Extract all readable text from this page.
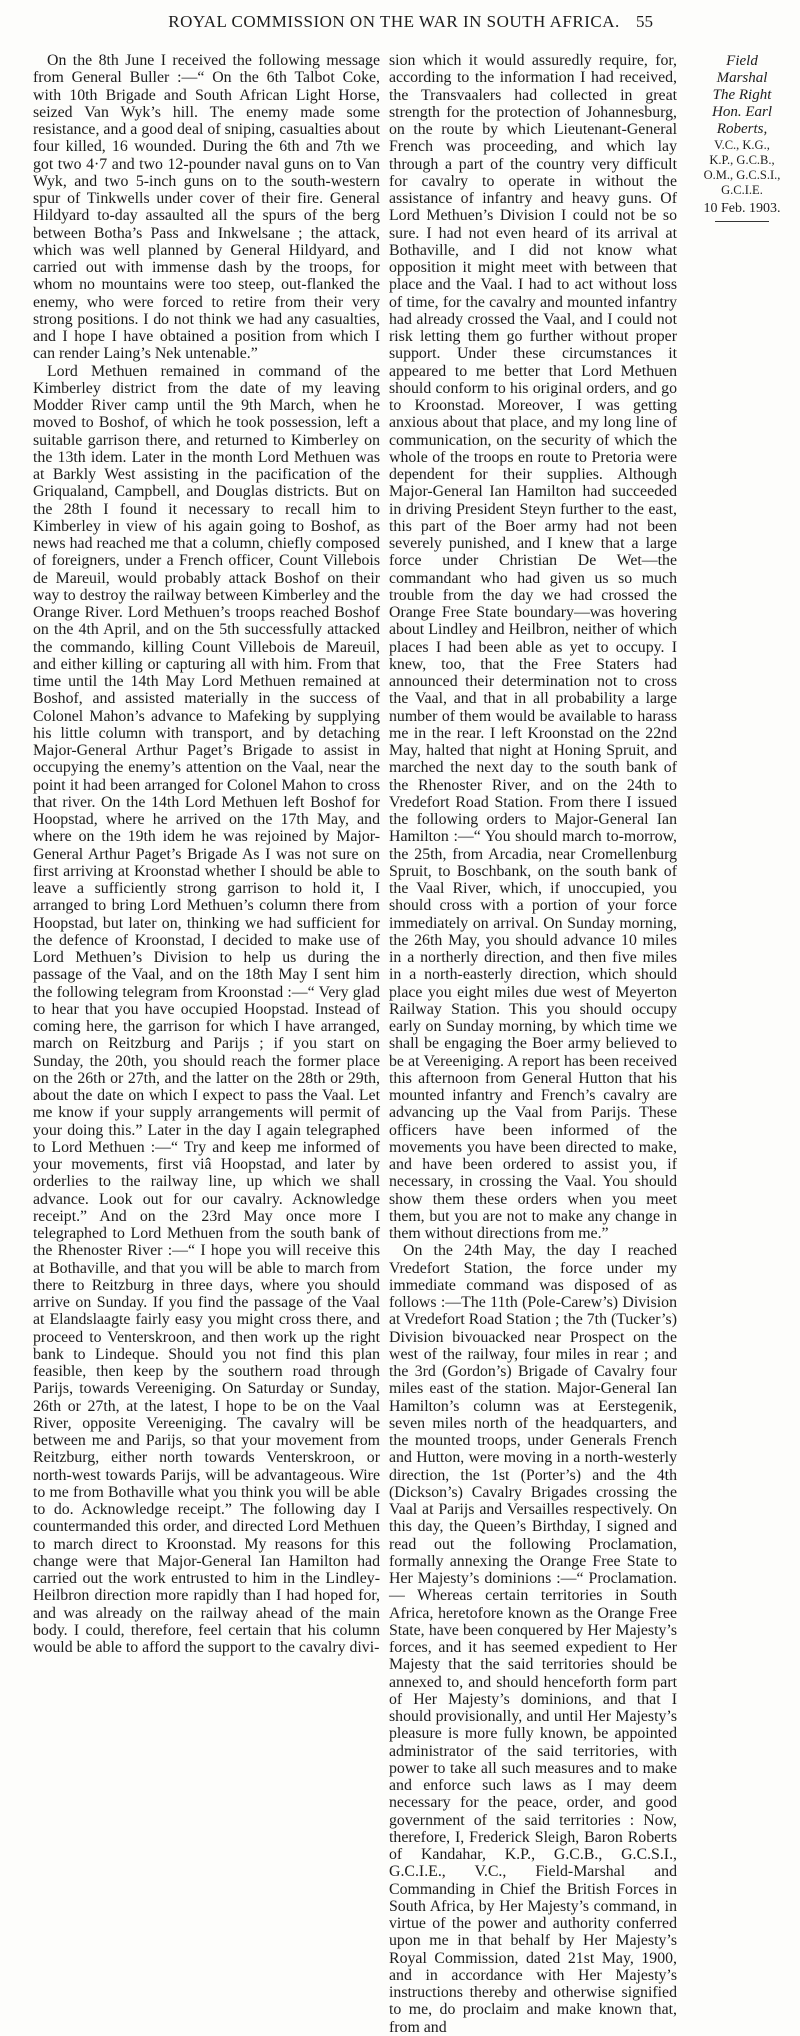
ROYAL COMMISSION ON THE WAR IN SOUTH AFRICA. 55

On the 8th June I received the following message from General Buller :—“ On the 6th Talbot Coke, with 10th Brigade and South African Light Horse, seized Van Wyk’s hill. The enemy made some resistance, and a good deal of sniping, casualties about four killed, 16 wounded. During the 6th and 7th we got two 4·7 and two 12-pounder naval guns on to Van Wyk, and two 5-inch guns on to the south-western spur of Tinkwells under cover of their fire. General Hildyard to-day assaulted all the spurs of the berg between Botha’s Pass and Inkwelsane ; the attack, which was well planned by General Hildyard, and carried out with immense dash by the troops, for whom no mountains were too steep, out-flanked the enemy, who were forced to retire from their very strong positions. I do not think we had any casualties, and I hope I have obtained a position from which I can render Laing’s Nek untenable.”

Lord Methuen remained in command of the Kimberley district from the date of my leaving Modder River camp until the 9th March, when he moved to Boshof, of which he took possession, left a suitable garrison there, and returned to Kimberley on the 13th idem. Later in the month Lord Methuen was at Barkly West assisting in the pacification of the Griqualand, Campbell, and Douglas districts. But on the 28th I found it necessary to recall him to Kimberley in view of his again going to Boshof, as news had reached me that a column, chiefly composed of foreigners, under a French officer, Count Villebois de Mareuil, would probably attack Boshof on their way to destroy the railway between Kimberley and the Orange River. Lord Methuen’s troops reached Boshof on the 4th April, and on the 5th successfully attacked the commando, killing Count Villebois de Mareuil, and either killing or capturing all with him. From that time until the 14th May Lord Methuen remained at Boshof, and assisted materially in the success of Colonel Mahon’s advance to Mafeking by supplying his little column with transport, and by detaching Major-General Arthur Paget’s Brigade to assist in occupying the enemy’s attention on the Vaal, near the point it had been arranged for Colonel Mahon to cross that river. On the 14th Lord Methuen left Boshof for Hoopstad, where he arrived on the 17th May, and where on the 19th idem he was rejoined by Major-General Arthur Paget’s Brigade As I was not sure on first arriving at Kroonstad whether I should be able to leave a sufficiently strong garrison to hold it, I arranged to bring Lord Methuen’s column there from Hoopstad, but later on, thinking we had sufficient for the defence of Kroonstad, I decided to make use of Lord Methuen’s Division to help us during the passage of the Vaal, and on the 18th May I sent him the following telegram from Kroonstad :—“ Very glad to hear that you have occupied Hoopstad. Instead of coming here, the garrison for which I have arranged, march on Reitzburg and Parijs ; if you start on Sunday, the 20th, you should reach the former place on the 26th or 27th, and the latter on the 28th or 29th, about the date on which I expect to pass the Vaal. Let me know if your supply arrangements will permit of your doing this.” Later in the day I again telegraphed to Lord Methuen :—“ Try and keep me informed of your movements, first viâ Hoopstad, and later by orderlies to the railway line, up which we shall advance. Look out for our cavalry. Acknowledge receipt.” And on the 23rd May once more I telegraphed to Lord Methuen from the south bank of the Rhenoster River :—“ I hope you will receive this at Bothaville, and that you will be able to march from there to Reitzburg in three days, where you should arrive on Sunday. If you find the passage of the Vaal at Elandslaagte fairly easy you might cross there, and proceed to Venterskroon, and then work up the right bank to Lindeque. Should you not find this plan feasible, then keep by the southern road through Parijs, towards Vereeniging. On Saturday or Sunday, 26th or 27th, at the latest, I hope to be on the Vaal River, opposite Vereeniging. The cavalry will be between me and Parijs, so that your movement from Reitzburg, either north towards Venterskroon, or north-west towards Parijs, will be advantageous. Wire to me from Bothaville what you think you will be able to do. Acknowledge receipt.” The following day I countermanded this order, and directed Lord Methuen to march direct to Kroonstad. My reasons for this change were that Major-General Ian Hamilton had carried out the work entrusted to him in the Lindley-Heilbron direction more rapidly than I had hoped for, and was already on the railway ahead of the main body. I could, therefore, feel certain that his column would be able to afford the support to the cavalry divi-

sion which it would assuredly require, for, according to the information I had received, the Transvaalers had collected in great strength for the protection of Johannesburg, on the route by which Lieutenant-General French was proceeding, and which lay through a part of the country very difficult for cavalry to operate in without the assistance of infantry and heavy guns. Of Lord Methuen’s Division I could not be so sure. I had not even heard of its arrival at Bothaville, and I did not know what opposition it might meet with between that place and the Vaal. I had to act without loss of time, for the cavalry and mounted infantry had already crossed the Vaal, and I could not risk letting them go further without proper support. Under these circumstances it appeared to me better that Lord Methuen should conform to his original orders, and go to Kroonstad. Moreover, I was getting anxious about that place, and my long line of communication, on the security of which the whole of the troops en route to Pretoria were dependent for their supplies. Although Major-General Ian Hamilton had succeeded in driving President Steyn further to the east, this part of the Boer army had not been severely punished, and I knew that a large force under Christian De Wet—the commandant who had given us so much trouble from the day we had crossed the Orange Free State boundary—was hovering about Lindley and Heilbron, neither of which places I had been able as yet to occupy. I knew, too, that the Free Staters had announced their determination not to cross the Vaal, and that in all probability a large number of them would be available to harass me in the rear. I left Kroonstad on the 22nd May, halted that night at Honing Spruit, and marched the next day to the south bank of the Rhenoster River, and on the 24th to Vredefort Road Station. From there I issued the following orders to Major-General Ian Hamilton :—“ You should march to-morrow, the 25th, from Arcadia, near Cromellenburg Spruit, to Boschbank, on the south bank of the Vaal River, which, if unoccupied, you should cross with a portion of your force immediately on arrival. On Sunday morning, the 26th May, you should advance 10 miles in a northerly direction, and then five miles in a north-easterly direction, which should place you eight miles due west of Meyerton Railway Station. This you should occupy early on Sunday morning, by which time we shall be engaging the Boer army believed to be at Vereeniging. A report has been received this afternoon from General Hutton that his mounted infantry and French’s cavalry are advancing up the Vaal from Parijs. These officers have been informed of the movements you have been directed to make, and have been ordered to assist you, if necessary, in crossing the Vaal. You should show them these orders when you meet them, but you are not to make any change in them without directions from me.”

On the 24th May, the day I reached Vredefort Station, the force under my immediate command was disposed of as follows :—The 11th (Pole-Carew’s) Division at Vredefort Road Station ; the 7th (Tucker’s) Division bivouacked near Prospect on the west of the railway, four miles in rear ; and the 3rd (Gordon’s) Brigade of Cavalry four miles east of the station. Major-General Ian Hamilton’s column was at Eerstegenik, seven miles north of the headquarters, and the mounted troops, under Generals French and Hutton, were moving in a north-westerly direction, the 1st (Porter’s) and the 4th (Dickson’s) Cavalry Brigades crossing the Vaal at Parijs and Versailles respectively. On this day, the Queen’s Birthday, I signed and read out the following Proclamation, formally annexing the Orange Free State to Her Majesty’s dominions :—“ Proclamation.— Whereas certain territories in South Africa, heretofore known as the Orange Free State, have been conquered by Her Majesty’s forces, and it has seemed expedient to Her Majesty that the said territories should be annexed to, and should henceforth form part of Her Majesty’s dominions, and that I should provisionally, and until Her Majesty’s pleasure is more fully known, be appointed administrator of the said territories, with power to take all such measures and to make and enforce such laws as I may deem necessary for the peace, order, and good government of the said territories : Now, therefore, I, Frederick Sleigh, Baron Roberts of Kandahar, K.P., G.C.B., G.C.S.I., G.C.I.E., V.C., Field-Marshal and Commanding in Chief the British Forces in South Africa, by Her Majesty’s command, in virtue of the power and authority conferred upon me in that behalf by Her Majesty’s Royal Commission, dated 21st May, 1900, and in accordance with Her Majesty’s instructions thereby and otherwise signified to me, do proclaim and make known that, from and

Field
Marshal
The Right
Hon. Earl
Roberts,
V.C., K.G.,
K.P., G.C.B.,
O.M., G.C.S.I.,
G.C.I.E.
10 Feb. 1903.
